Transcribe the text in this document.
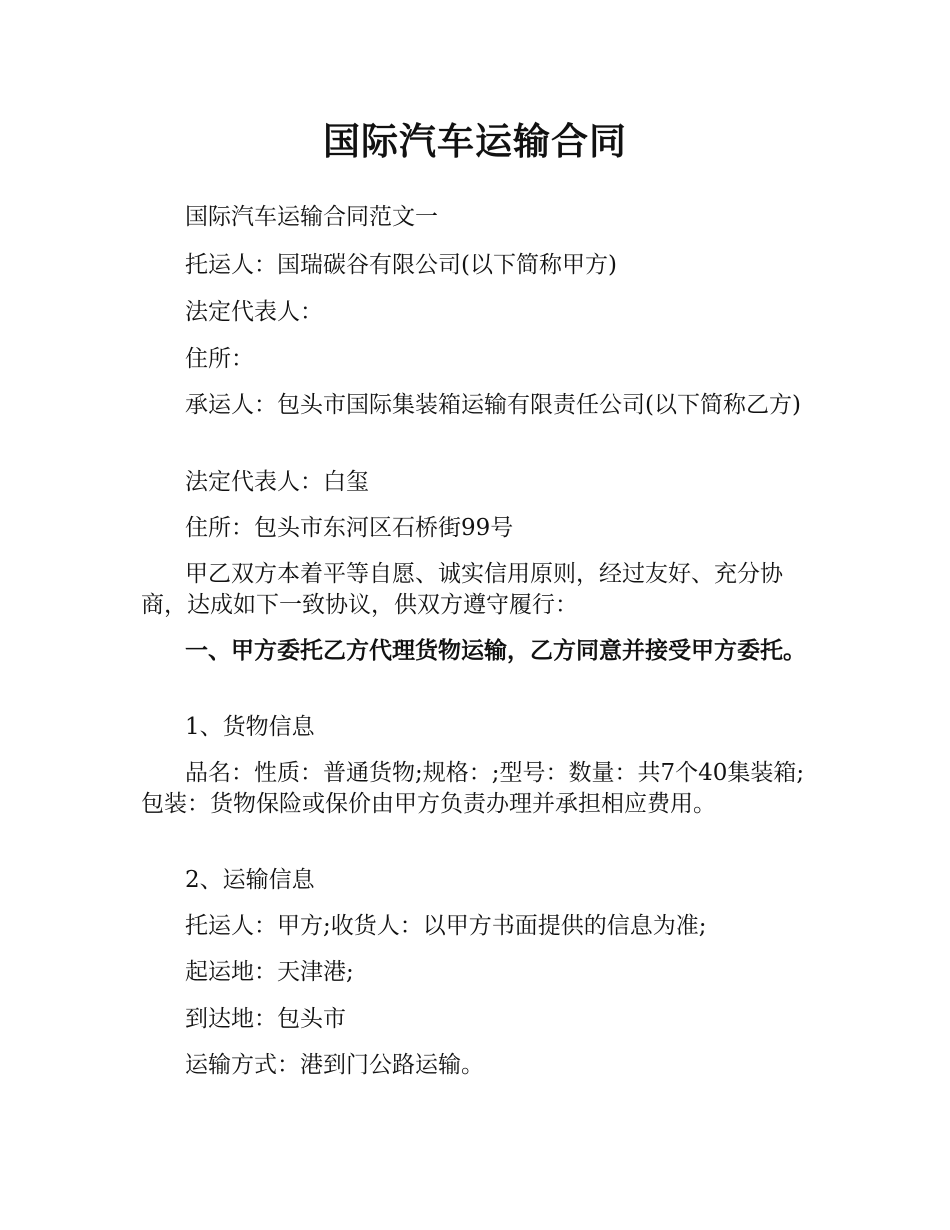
国际汽车运输合同

国际汽车运输合同范文一

托运人：国瑞碳谷有限公司(以下简称甲方)

法定代表人：

住所：

承运人：包头市国际集装箱运输有限责任公司(以下简称乙方)

法定代表人：白玺

住所：包头市东河区石桥街99号

甲乙双方本着平等自愿、诚实信用原则，经过友好、充分协商，达成如下一致协议，供双方遵守履行：

一、甲方委托乙方代理货物运输，乙方同意并接受甲方委托。

1、货物信息

品名：性质：普通货物;规格：;型号：数量：共7个40集装箱;包装：货物保险或保价由甲方负责办理并承担相应费用。

2、运输信息

托运人：甲方;收货人：以甲方书面提供的信息为准;

起运地：天津港;

到达地：包头市

运输方式：港到门公路运输。
